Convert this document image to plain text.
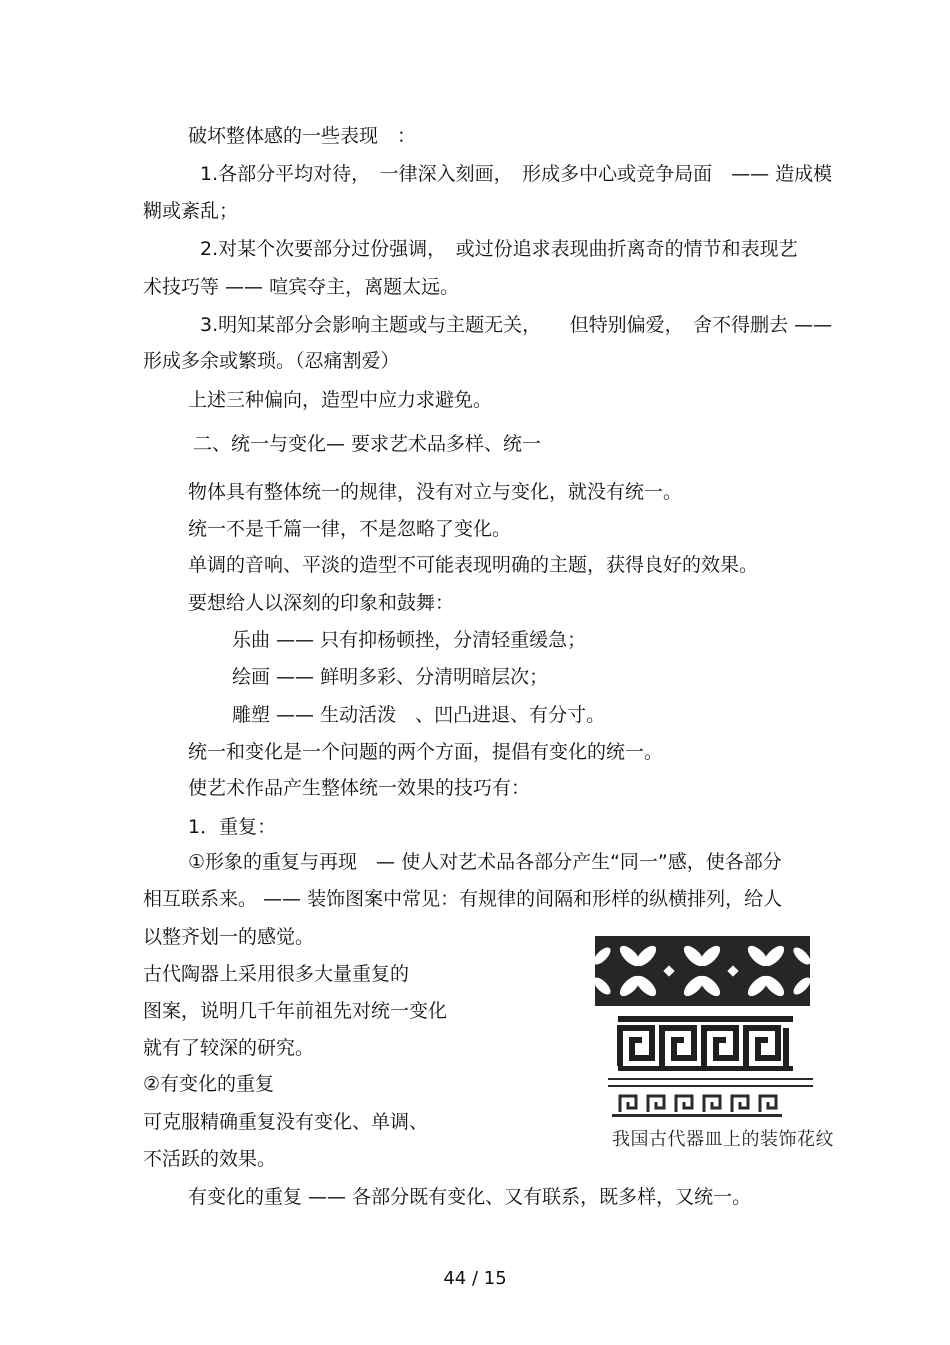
破坏整体感的一些表现　：
1.各部分平均对待，　一律深入刻画，　形成多中心或竞争局面　—— 造成模
糊或紊乱；
2.对某个次要部分过份强调，　或过份追求表现曲折离奇的情节和表现艺
术技巧等 —— 喧宾夺主，离题太远。
3.明知某部分会影响主题或与主题无关，　　但特别偏爱，　舍不得删去 ——
形成多余或繁琐。（忍痛割爱）
上述三种偏向，造型中应力求避免。
二、统一与变化— 要求艺术品多样、统一
物体具有整体统一的规律，没有对立与变化，就没有统一。
统一不是千篇一律，不是忽略了变化。
单调的音响、平淡的造型不可能表现明确的主题，获得良好的效果。
要想给人以深刻的印象和鼓舞：
乐曲 —— 只有抑杨顿挫，分清轻重缓急；
绘画 —— 鲜明多彩、分清明暗层次；
雕塑 —— 生动活泼　、凹凸进退、有分寸。
统一和变化是一个问题的两个方面，提倡有变化的统一。
使艺术作品产生整体统一效果的技巧有：
1．重复：
①形象的重复与再现　— 使人对艺术品各部分产生“同一”感，使各部分
相互联系来。 —— 装饰图案中常见：有规律的间隔和形样的纵横排列，给人
以整齐划一的感觉。
古代陶器上采用很多大量重复的
图案，说明几千年前祖先对统一变化
就有了较深的研究。
②有变化的重复
可克服精确重复没有变化、单调、
不活跃的效果。
有变化的重复 —— 各部分既有变化、又有联系，既多样，又统一。
我国古代器皿上的装饰花纹
44 / 15
